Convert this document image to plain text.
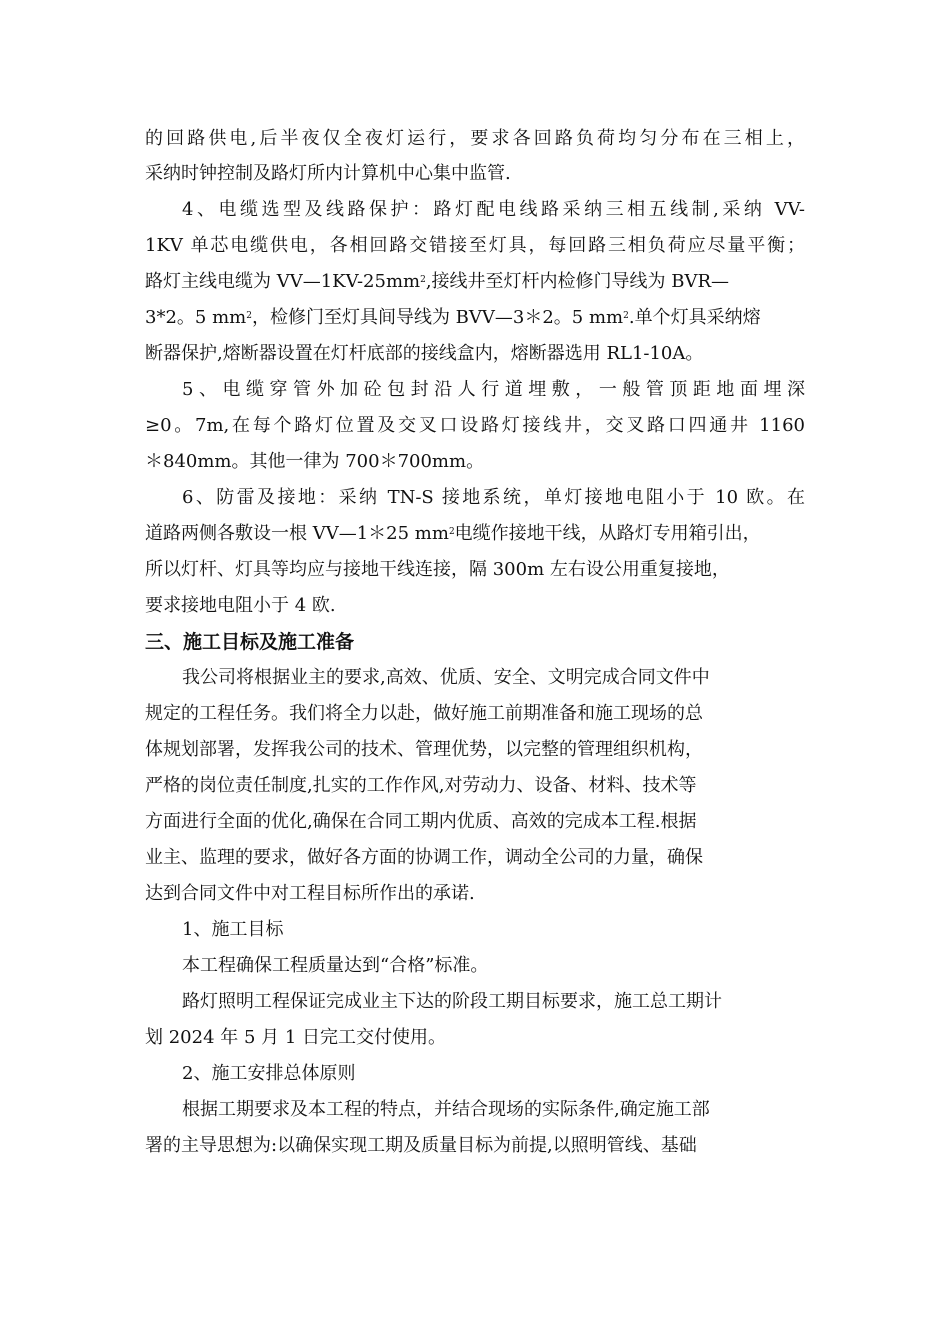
的回路供电,后半夜仅全夜灯运行，要求各回路负荷均匀分布在三相上，
采纳时钟控制及路灯所内计算机中心集中监管.
4、电缆选型及线路保护：路灯配电线路采纳三相五线制,采纳 VV-
1KV 单芯电缆供电，各相回路交错接至灯具，每回路三相负荷应尽量平衡；
路灯主线电缆为 $VV—1KV-25mm^2$,接线井至灯杆内检修门导线为 BVR—
3*2。5 $mm^2$，检修门至灯具间导线为 BVV—3＊2。5 $mm^2$.单个灯具采纳熔
断器保护,熔断器设置在灯杆底部的接线盒内，熔断器选用 RL1-10A。
5、电缆穿管外加砼包封沿人行道埋敷，一般管顶距地面埋深
≥0。7m,在每个路灯位置及交叉口设路灯接线井，交叉路口四通井 1160
＊840mm。其他一律为 700＊700mm。
6、防雷及接地：采纳 TN-S 接地系统，单灯接地电阻小于 10 欧。在
道路两侧各敷设一根 VV—1＊25 $mm^2$电缆作接地干线，从路灯专用箱引出，
所以灯杆、灯具等均应与接地干线连接，隔 300m 左右设公用重复接地，
要求接地电阻小于 4 欧.
三、施工目标及施工准备
我公司将根据业主的要求,高效、优质、安全、文明完成合同文件中
规定的工程任务。我们将全力以赴，做好施工前期准备和施工现场的总
体规划部署，发挥我公司的技术、管理优势，以完整的管理组织机构，
严格的岗位责任制度,扎实的工作作风,对劳动力、设备、材料、技术等
方面进行全面的优化,确保在合同工期内优质、高效的完成本工程.根据
业主、监理的要求，做好各方面的协调工作，调动全公司的力量，确保
达到合同文件中对工程目标所作出的承诺.
1、施工目标
本工程确保工程质量达到“合格”标准。
路灯照明工程保证完成业主下达的阶段工期目标要求，施工总工期计
划 2024 年 5 月 1 日完工交付使用。
2、施工安排总体原则
根据工期要求及本工程的特点，并结合现场的实际条件,确定施工部
署的主导思想为:以确保实现工期及质量目标为前提,以照明管线、基础
